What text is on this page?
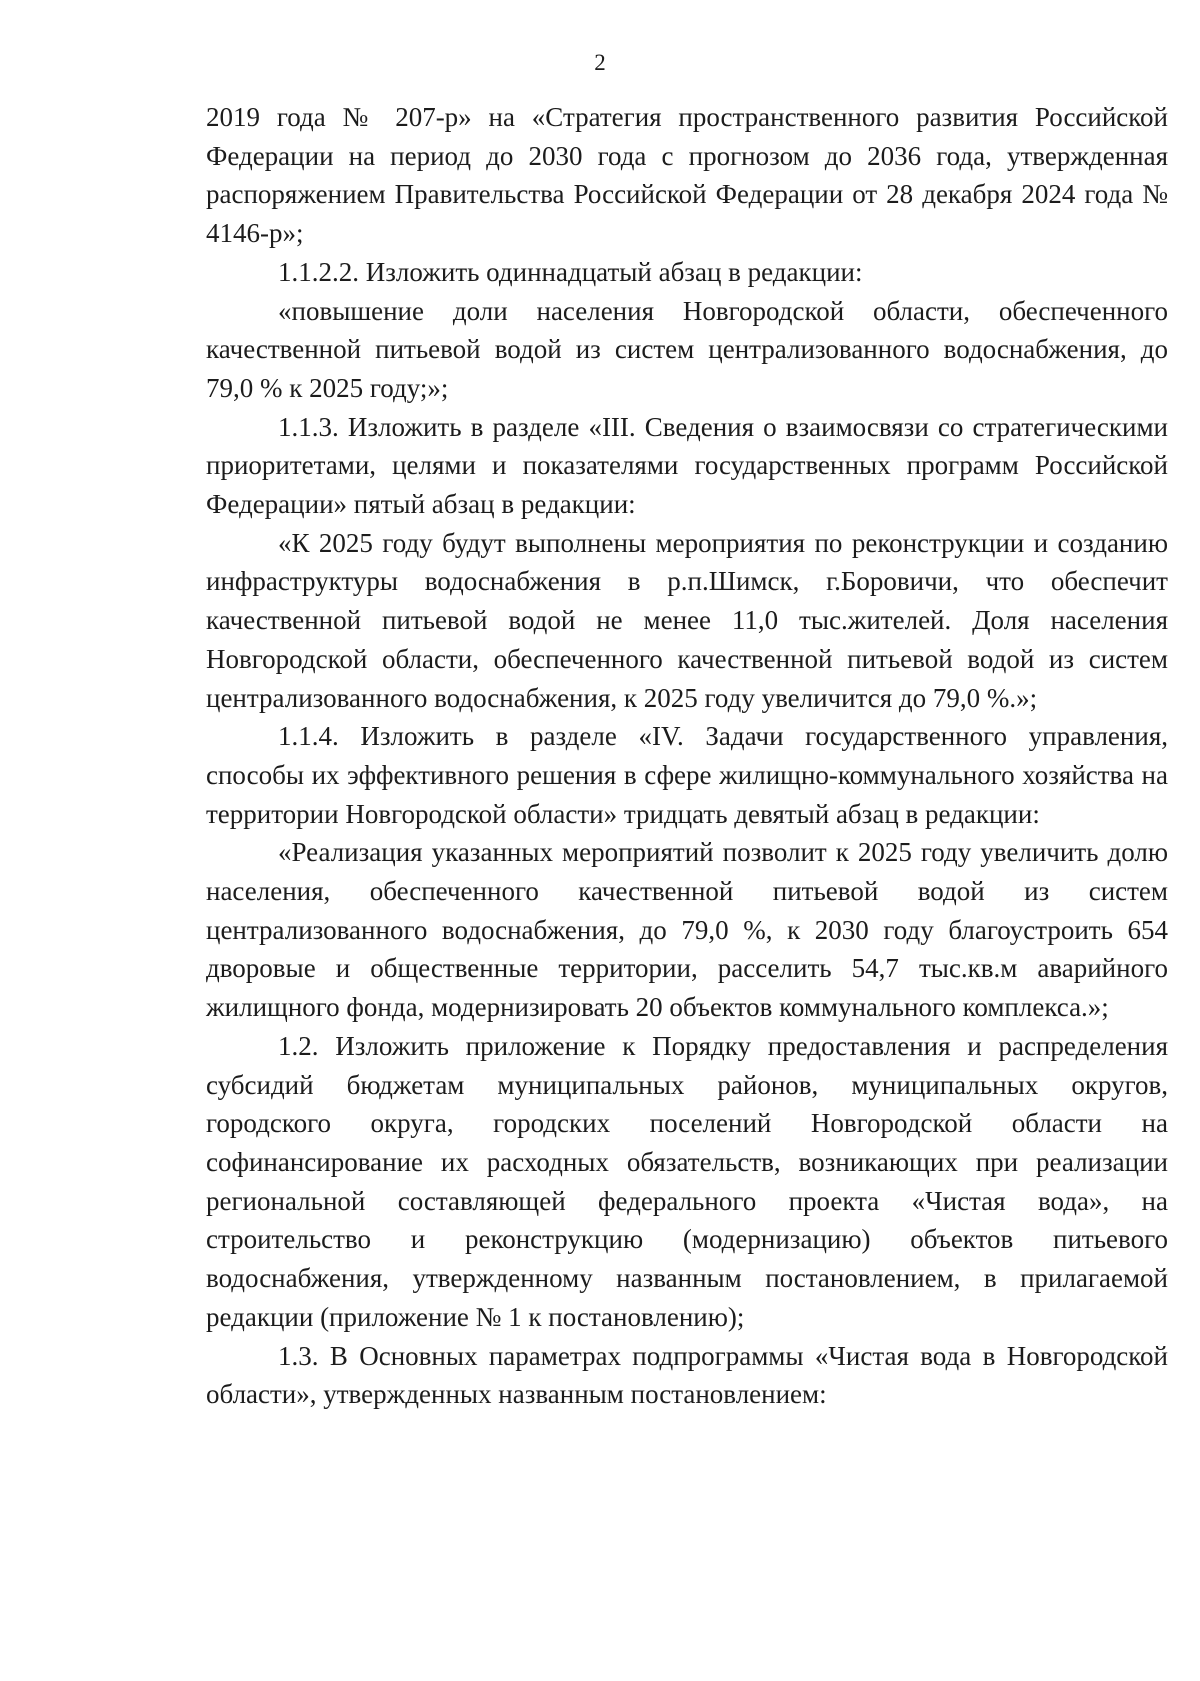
2

2019 года № 207-р» на «Стратегия пространственного развития Российской Федерации на период до 2030 года с прогнозом до 2036 года, утвержденная распоряжением Правительства Российской Федерации от 28 декабря 2024 года № 4146-р»;

1.1.2.2. Изложить одиннадцатый абзац в редакции:

«повышение доли населения Новгородской области, обеспеченного качественной питьевой водой из систем централизованного водоснабжения, до 79,0 % к 2025 году;»;

1.1.3. Изложить в разделе «III. Сведения о взаимосвязи со стратегическими приоритетами, целями и показателями государственных программ Российской Федерации» пятый абзац в редакции:

«К 2025 году будут выполнены мероприятия по реконструкции и созданию инфраструктуры водоснабжения в р.п.Шимск, г.Боровичи, что обеспечит качественной питьевой водой не менее 11,0 тыс.жителей. Доля населения Новгородской области, обеспеченного качественной питьевой водой из систем централизованного водоснабжения, к 2025 году увеличится до 79,0 %.»;

1.1.4. Изложить в разделе «IV. Задачи государственного управления, способы их эффективного решения в сфере жилищно-коммунального хозяйства на территории Новгородской области» тридцать девятый абзац в редакции:

«Реализация указанных мероприятий позволит к 2025 году увеличить долю населения, обеспеченного качественной питьевой водой из систем централизованного водоснабжения, до 79,0 %, к 2030 году благоустроить 654 дворовые и общественные территории, расселить 54,7 тыс.кв.м аварийного жилищного фонда, модернизировать 20 объектов коммунального комплекса.»;

1.2. Изложить приложение к Порядку предоставления и распределения субсидий бюджетам муниципальных районов, муниципальных округов, городского округа, городских поселений Новгородской области на софинансирование их расходных обязательств, возникающих при реализации региональной составляющей федерального проекта «Чистая вода», на строительство и реконструкцию (модернизацию) объектов питьевого водоснабжения, утвержденному названным постановлением, в прилагаемой редакции (приложение № 1 к постановлению);

1.3. В Основных параметрах подпрограммы «Чистая вода в Новгородской области», утвержденных названным постановлением:
